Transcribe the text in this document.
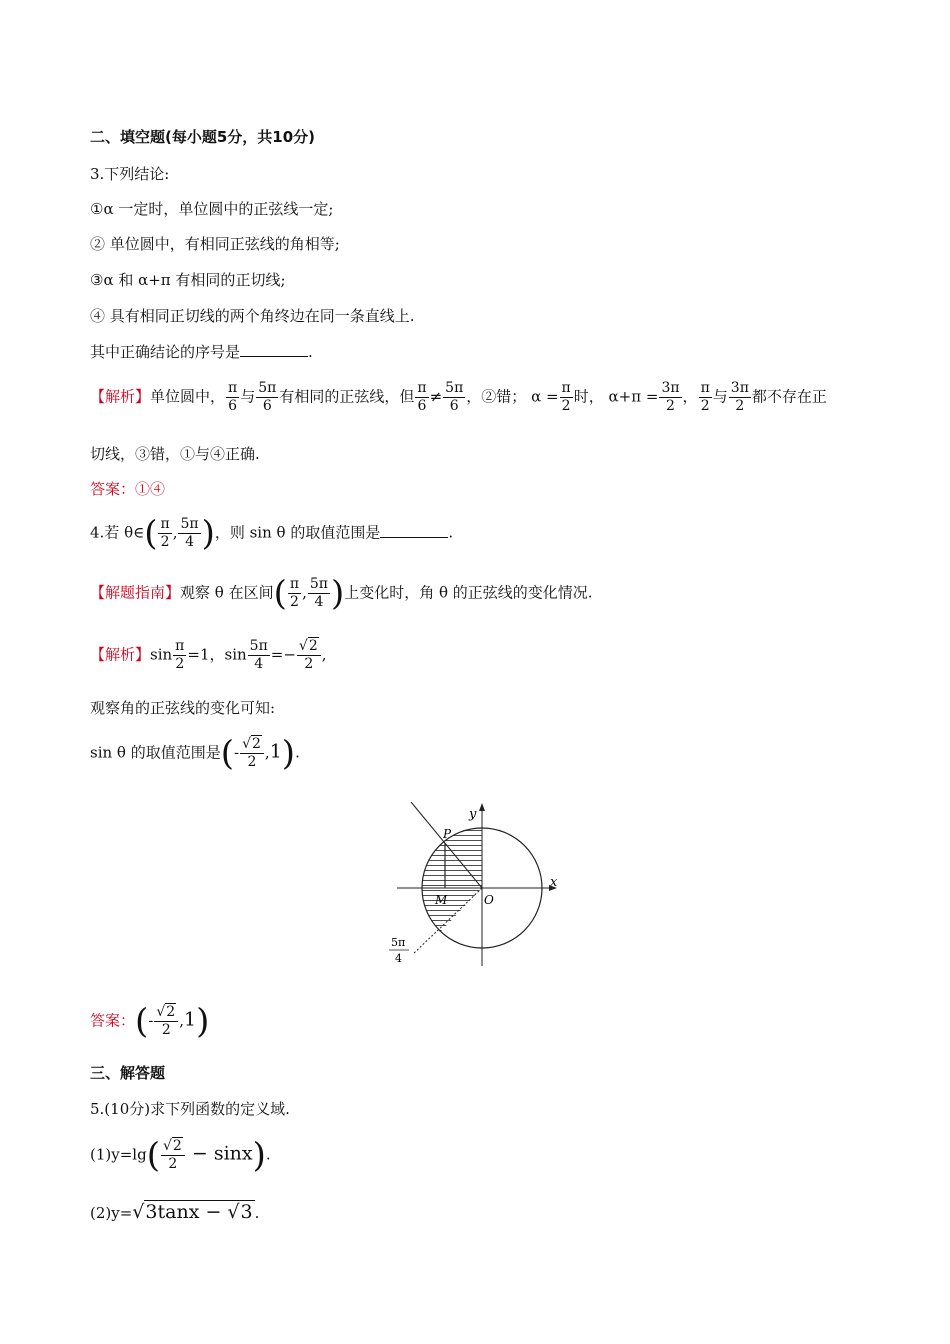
二、填空题(每小题5分，共10分)
3.下列结论:
①α 一定时，单位圆中的正弦线一定;
② 单位圆中，有相同正弦线的角相等;
③α 和 α+π 有相同的正切线;
④ 具有相同正切线的两个角终边在同一条直线上.
其中正确结论的序号是	.
【解析】单位圆中， $\frac{\pi}{6}$ 与 $\frac{5\pi}{6}$ 有相同的正弦线，但 $\frac{\pi}{6} \ne \frac{5\pi}{6}$ ，②错； $\alpha = \frac{\pi}{2}$ 时， $\alpha+\pi = \frac{3\pi}{2}$ ， $\frac{\pi}{2}$ 与 $\frac{3\pi}{2}$ 都不存在正
切线，③错，①与④正确.
答案：①④
4.若 θ∈( $\frac{\pi}{2}$ , $\frac{5\pi}{4}$ )，则 sin θ 的取值范围是	.
【解题指南】观察 θ 在区间( $\frac{\pi}{2}$ , $\frac{5\pi}{4}$ )上变化时，角 θ 的正弦线的变化情况.
【解析】$\sin \frac{\pi}{2} =1$，$\sin \frac{5\pi}{4} =- \frac{√2}{2}$ ,
观察角的正弦线的变化可知:
sin θ 的取值范围是(- $\frac{√2}{2} ,1$).
y
x
P
M	O
5π
4
答案：(- $\frac{√2}{2} ,1$)
三、解答题
5.(10分)求下列函数的定义域.
$(1)y=\lg( \frac{√2}{2} - \sin x)$.
(2)y=√3tanx − √3 .
